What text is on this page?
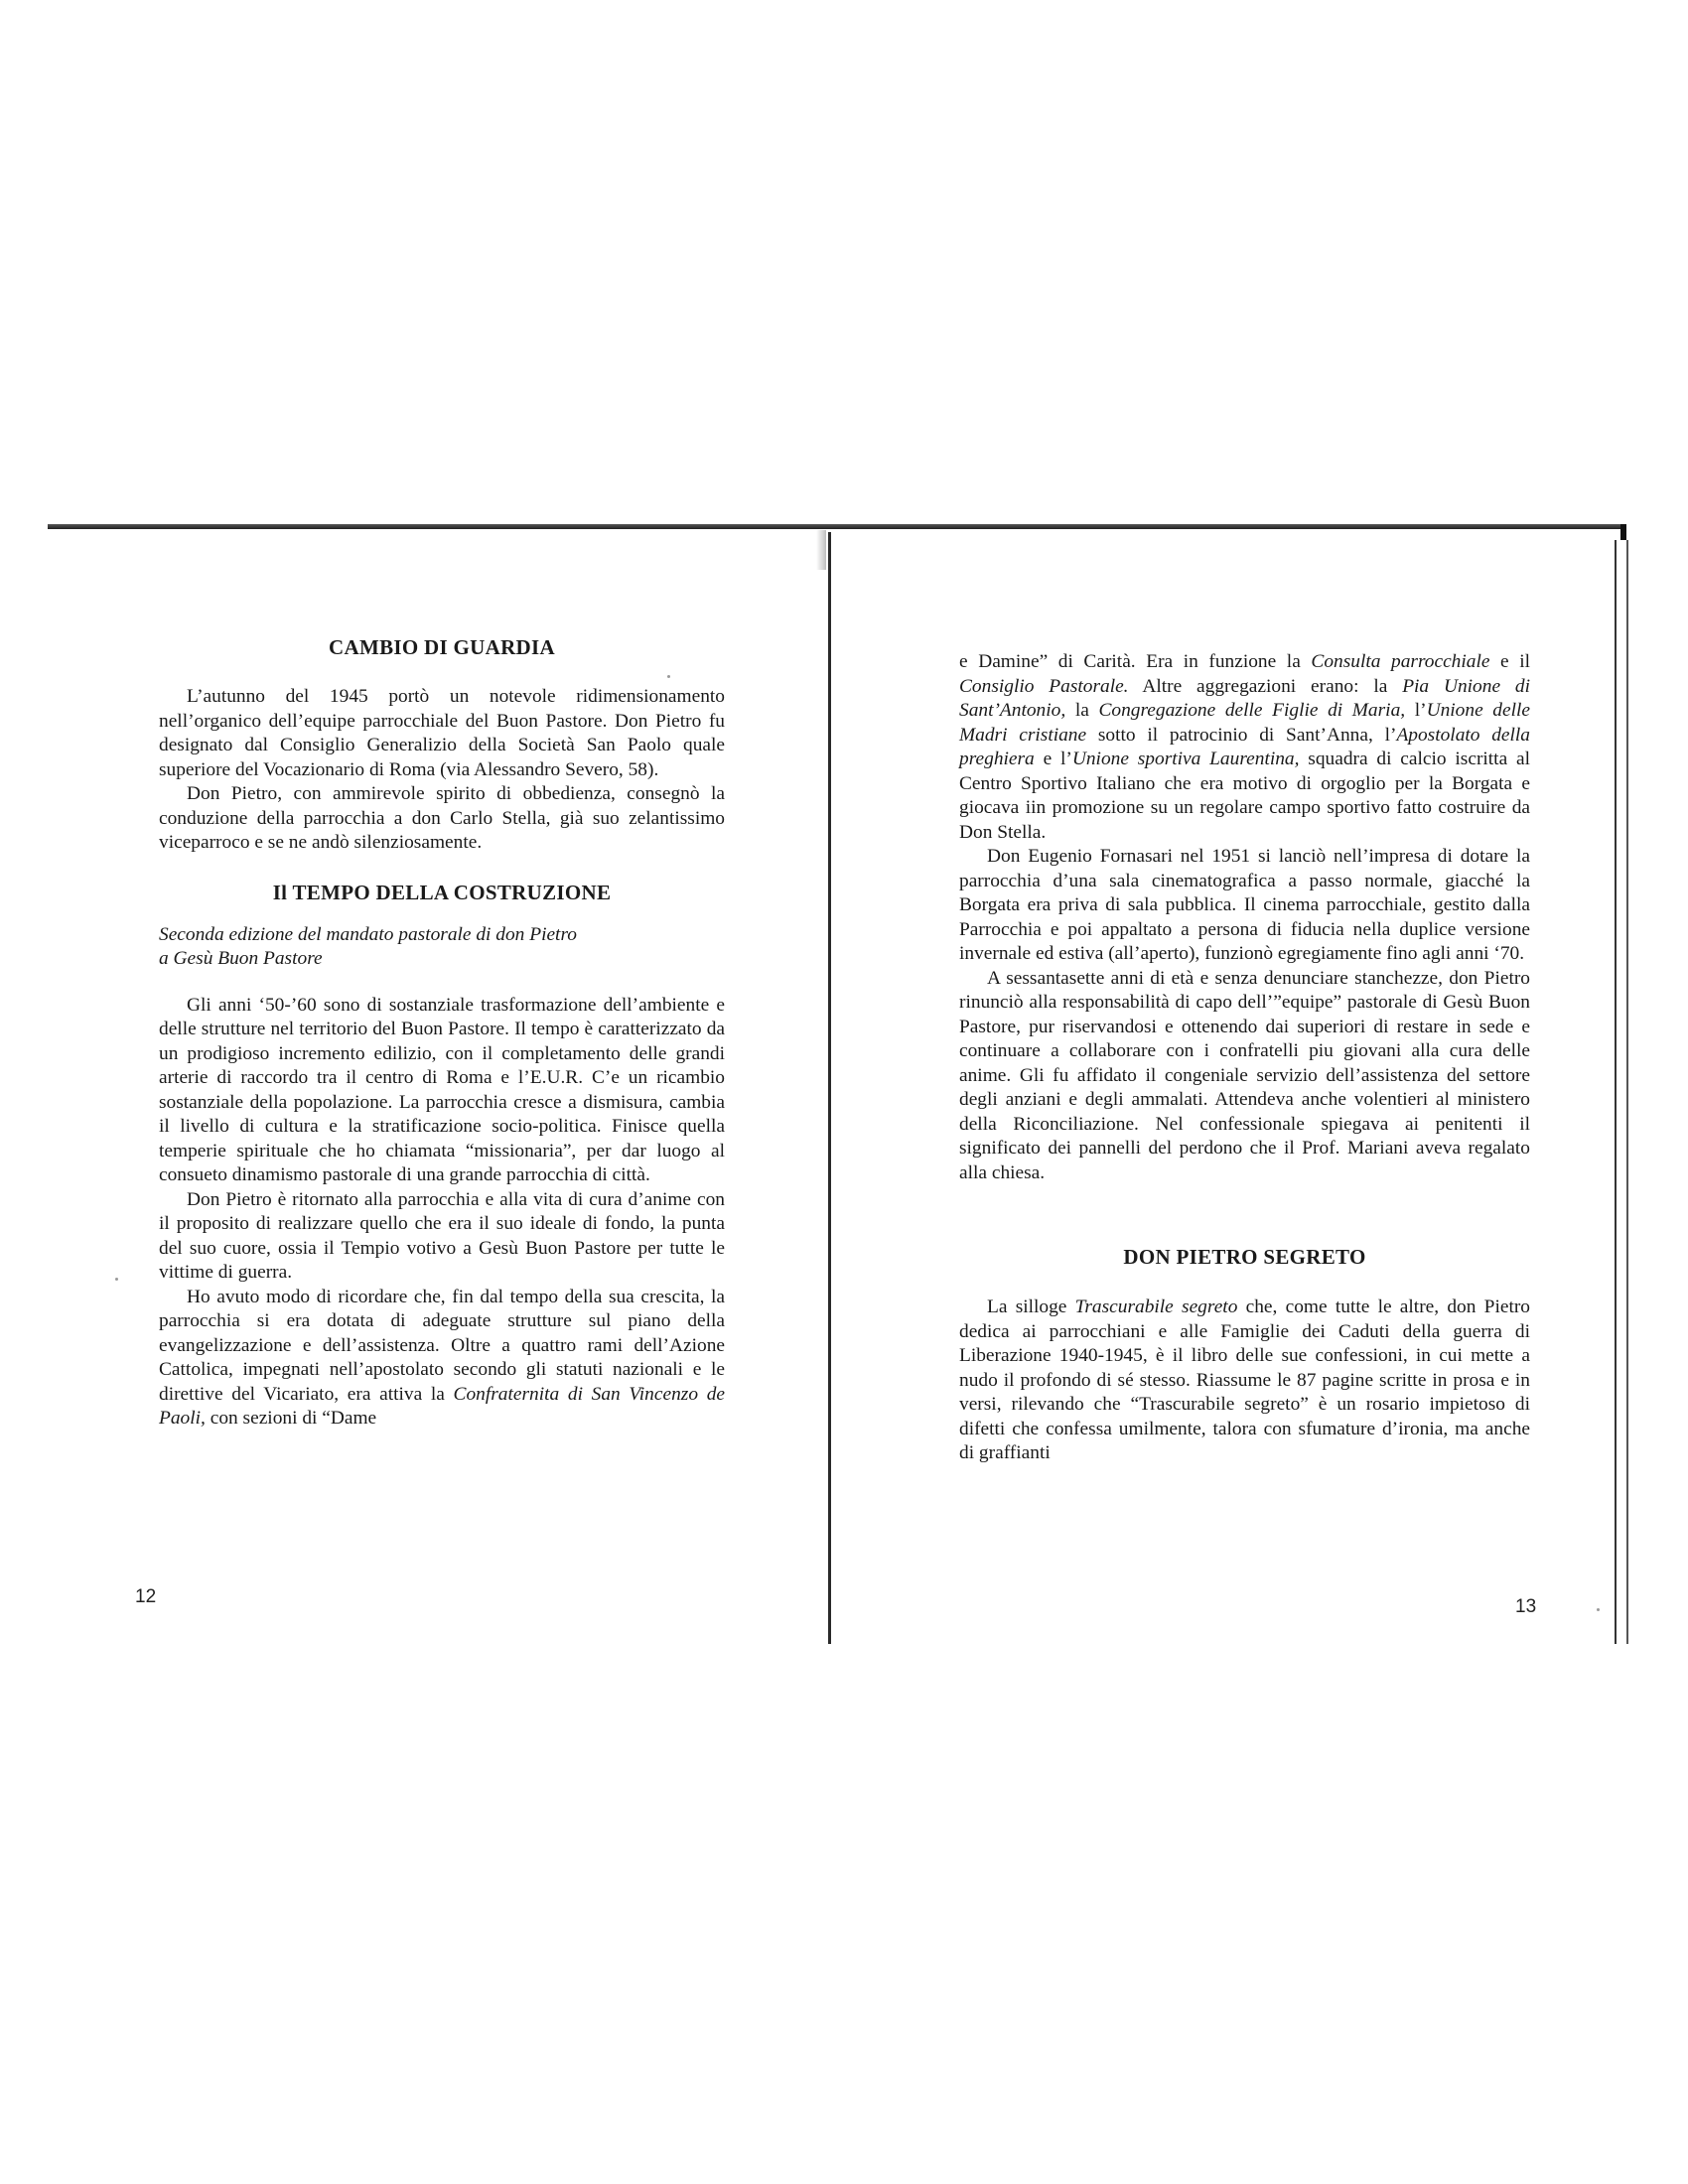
CAMBIO DI GUARDIA

L’autunno del 1945 portò un notevole ridimensionamento nell’organico dell’equipe parrocchiale del Buon Pastore. Don Pietro fu designato dal Consiglio Generalizio della Società San Paolo quale superiore del Vocazionario di Roma (via Alessandro Severo, 58).

Don Pietro, con ammirevole spirito di obbedienza, consegnò la conduzione della parrocchia a don Carlo Stella, già suo zelantissimo viceparroco e se ne andò silenziosamente.

Il TEMPO DELLA COSTRUZIONE
Seconda edizione del mandato pastorale di don Pietro
a Gesù Buon Pastore

Gli anni ‘50-’60 sono di sostanziale trasformazione dell’ambiente e delle strutture nel territorio del Buon Pastore. Il tempo è caratterizzato da un prodigioso incremento edilizio, con il completamento delle grandi arterie di raccordo tra il centro di Roma e l’E.U.R. C’e un ricambio sostanziale della popolazione. La parrocchia cresce a dismisura, cambia il livello di cultura e la stratificazione socio-politica. Finisce quella temperie spirituale che ho chiamata “missionaria”, per dar luogo al consueto dinamismo pastorale di una grande parrocchia di città.

Don Pietro è ritornato alla parrocchia e alla vita di cura d’anime con il proposito di realizzare quello che era il suo ideale di fondo, la punta del suo cuore, ossia il Tempio votivo a Gesù Buon Pastore per tutte le vittime di guerra.

Ho avuto modo di ricordare che, fin dal tempo della sua crescita, la parrocchia si era dotata di adeguate strutture sul piano della evangelizzazione e dell’assistenza. Oltre a quattro rami dell’Azione Cattolica, impegnati nell’apostolato secondo gli statuti nazionali e le direttive del Vicariato, era attiva la Confraternita di San Vincenzo de Paoli, con sezioni di “Dame

12

e Damine” di Carità. Era in funzione la Consulta parrocchiale e il Consiglio Pastorale. Altre aggregazioni erano: la Pia Unione di Sant’Antonio, la Congregazione delle Figlie di Maria, l’Unione delle Madri cristiane sotto il patrocinio di Sant’Anna, l’Apostolato della preghiera e l’Unione sportiva Laurentina, squadra di calcio iscritta al Centro Sportivo Italiano che era motivo di orgoglio per la Borgata e giocava iin promozione su un regolare campo sportivo fatto costruire da Don Stella.

Don Eugenio Fornasari nel 1951 si lanciò nell’impresa di dotare la parrocchia d’una sala cinematografica a passo normale, giacché la Borgata era priva di sala pubblica. Il cinema parrocchiale, gestito dalla Parrocchia e poi appaltato a persona di fiducia nella duplice versione invernale ed estiva (all’aperto), funzionò egregiamente fino agli anni ‘70.

A sessantasette anni di età e senza denunciare stanchezze, don Pietro rinunciò alla responsabilità di capo dell’”equipe” pastorale di Gesù Buon Pastore, pur riservandosi e ottenendo dai superiori di restare in sede e continuare a collaborare con i confratelli piu giovani alla cura delle anime. Gli fu affidato il congeniale servizio dell’assistenza del settore degli anziani e degli ammalati. Attendeva anche volentieri al ministero della Riconciliazione. Nel confessionale spiegava ai penitenti il significato dei pannelli del perdono che il Prof. Mariani aveva regalato alla chiesa.

DON PIETRO SEGRETO

La silloge Trascurabile segreto che, come tutte le altre, don Pietro dedica ai parrocchiani e alle Famiglie dei Caduti della guerra di Liberazione 1940-1945, è il libro delle sue confessioni, in cui mette a nudo il profondo di sé stesso. Riassume le 87 pagine scritte in prosa e in versi, rilevando che “Trascurabile segreto” è un rosario impietoso di difetti che confessa umilmente, talora con sfumature d’ironia, ma anche di graffianti

13
